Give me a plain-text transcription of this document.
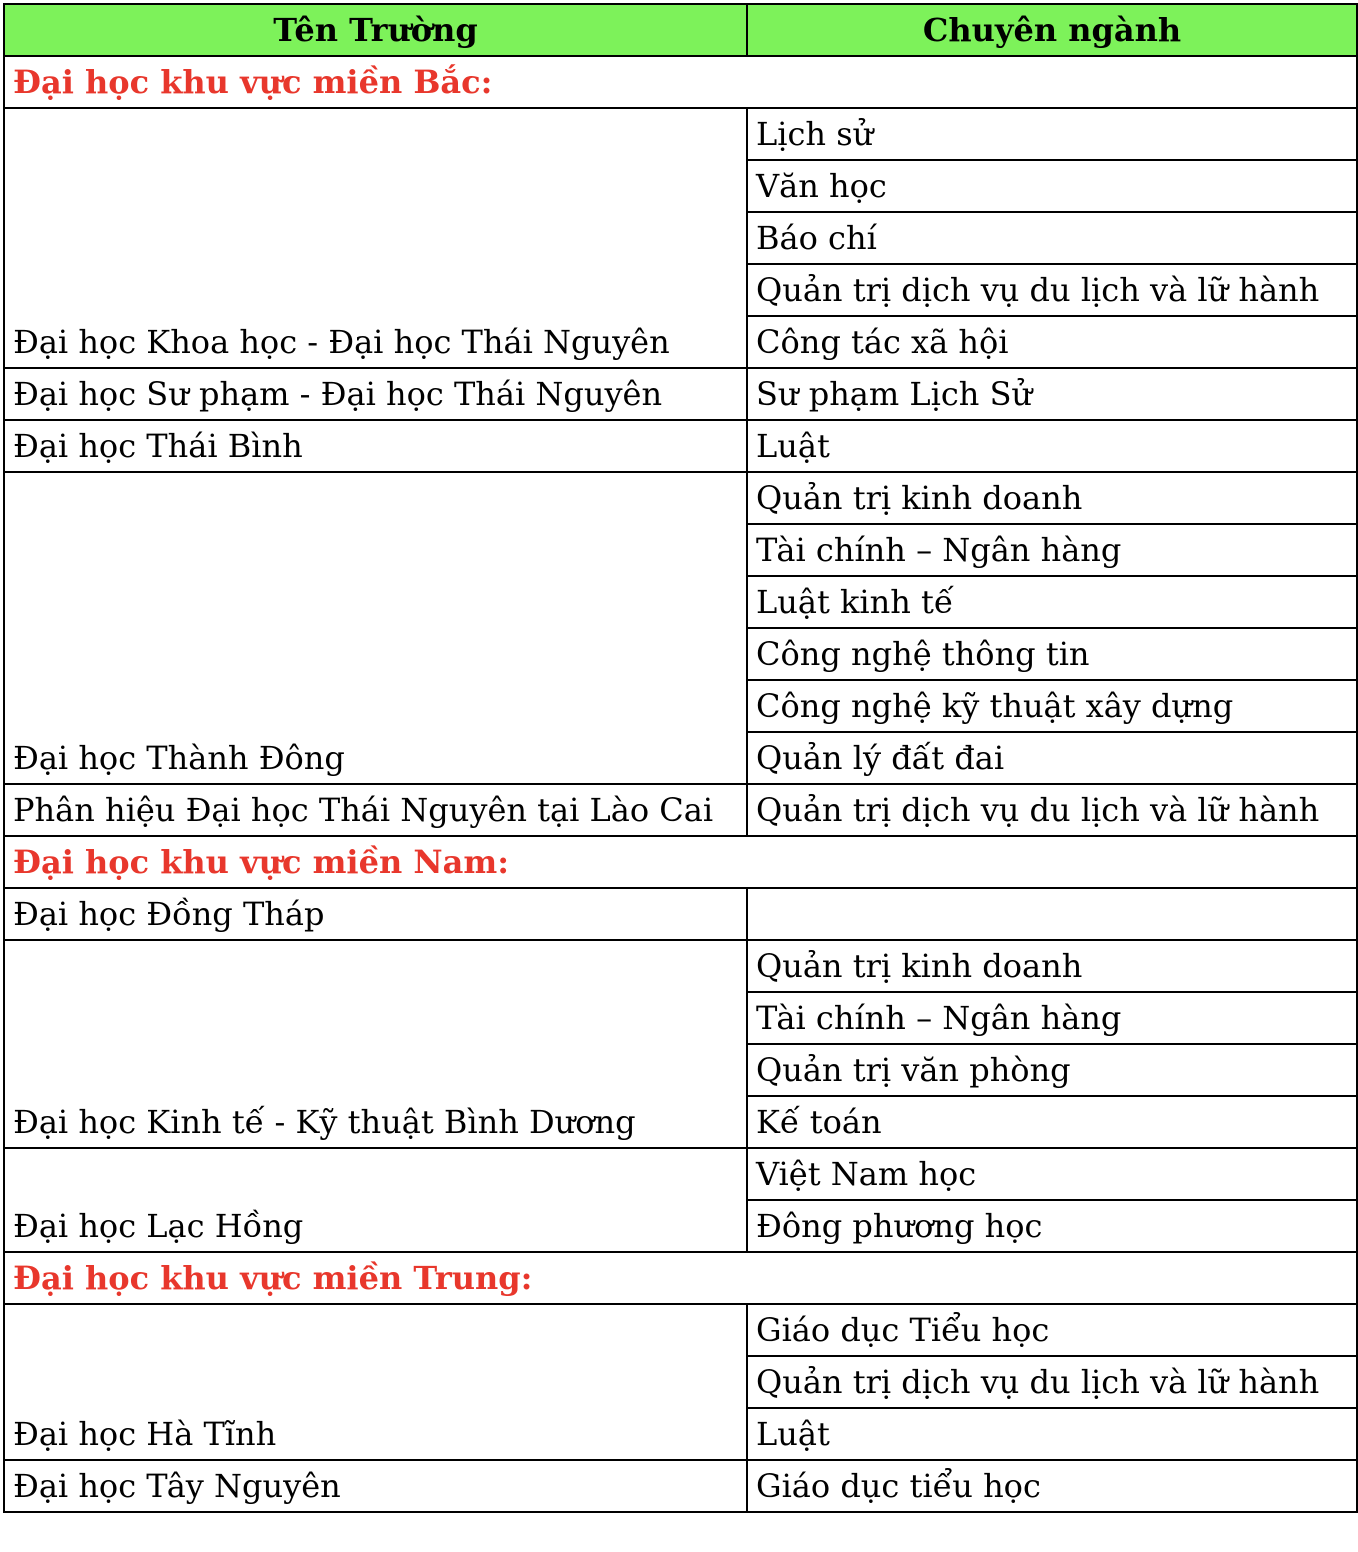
Tên Trường	Chuyên ngành
Đại học khu vực miền Bắc:	
Đại học Khoa học - Đại học Thái Nguyên	Lịch sử
	Văn học
	Báo chí
	Quản trị dịch vụ du lịch và lữ hành
	Công tác xã hội
Đại học Sư phạm - Đại học Thái Nguyên	Sư phạm Lịch Sử
Đại học Thái Bình	Luật
Đại học Thành Đông	Quản trị kinh doanh
	Tài chính – Ngân hàng
	Luật kinh tế
	Công nghệ thông tin
	Công nghệ kỹ thuật xây dựng
	Quản lý đất đai
Phân hiệu Đại học Thái Nguyên tại Lào Cai	Quản trị dịch vụ du lịch và lữ hành
Đại học khu vực miền Nam:	
Đại học Đồng Tháp	
Đại học Kinh tế - Kỹ thuật Bình Dương	Quản trị kinh doanh
	Tài chính – Ngân hàng
	Quản trị văn phòng
	Kế toán
Đại học Lạc Hồng	Việt Nam học
	Đông phương học
Đại học khu vực miền Trung:	
Đại học Hà Tĩnh	Giáo dục Tiểu học
	Quản trị dịch vụ du lịch và lữ hành
	Luật
Đại học Tây Nguyên	Giáo dục tiểu học
